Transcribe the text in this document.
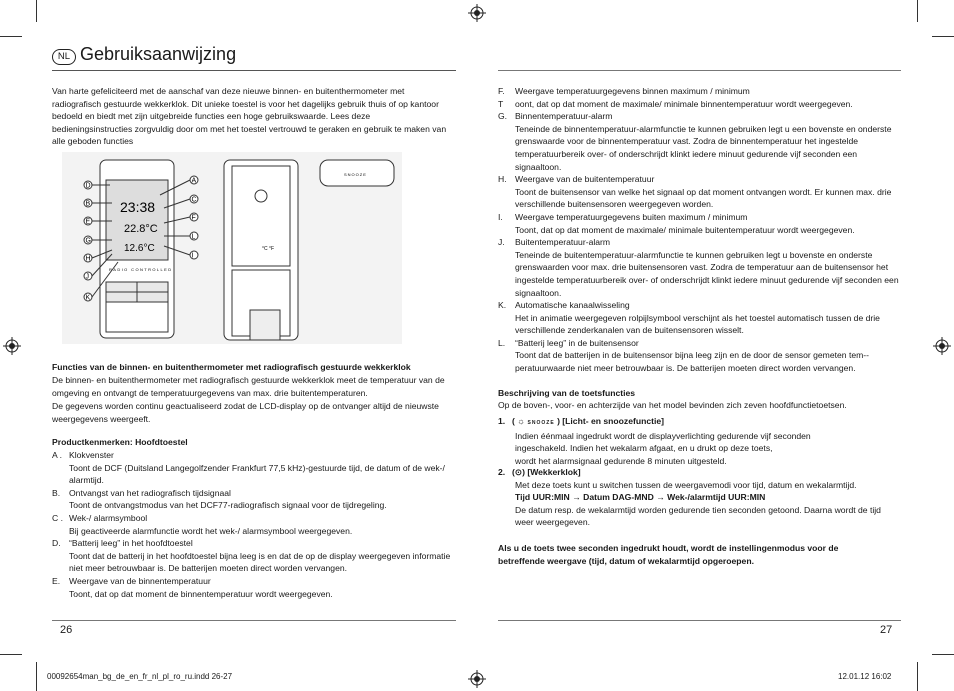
NL Gebruiksaanwijzing
Van harte gefeliciteerd met de aanschaf van deze nieuwe binnen- en buitenthermometer met radiografisch gestuurde wekkerklok. Dit unieke toestel is voor het dagelijks gebruik thuis of op kantoor bedoeld en biedt met zijn uitgebreide functies een hoge gebruikswaarde. Lees deze bedieningsinstructies zorgvuldig door om met het toestel vertrouwd te geraken en gebruik te maken van alle geboden functies
23:38
22.8°C
12.6°C
RADIO CONTROLLED
D
B
E
G
H
J
K
A
C
F
L
I
°C °F
SNOOZE
Functies van de binnen- en buitenthermometer met radiografisch gestuurde wekkerklok
De binnen- en buitenthermometer met radiografisch gestuurde wekkerklok meet de temperatuur van de omgeving en ontvangt de temperatuurgegevens van max. drie buitentemperaturen.
De gegevens worden continu geactualiseerd zodat de LCD-display op de ontvanger altijd de nieuwste weergegevens weergeeft.
Productkenmerken: Hoofdtoestel
A . Klokvenster
Toont de DCF (Duitsland Langegolfzender Frankfurt 77,5 kHz)-gestuurde tijd, de datum of de wek-/ alarmtijd.
B. Ontvangst van het radiografisch tijdsignaal
Toont de ontvangstmodus van het DCF77-radiografisch signaal voor de tijdregeling.
C . Wek-/ alarmsymbool
Bij geactiveerde alarmfunctie wordt het wek-/ alarmsymbool weergegeven.
D. “Batterij leeg” in het hoofdtoestel
Toont dat de batterij in het hoofdtoestel bijna leeg is en dat de op de display weergegeven informatie niet meer betrouwbaar is. De batterijen moeten direct worden vervangen.
E. Weergave van de binnentemperatuur
Toont, dat op dat moment de binnentemperatuur wordt weergegeven.
26
F. Weergave temperatuurgegevens binnen maximum / minimum
T oont, dat op dat moment de maximale/ minimale binnentemperatuur wordt weergegeven.
G. Binnentemperatuur-alarm
Teneinde de binnentemperatuur-alarmfunctie te kunnen gebruiken legt u een bovenste en onderste grenswaarde voor de binnentemperatuur vast. Zodra de binnentemperatuur het ingestelde temperatuurbereik over- of onderschrijdt klinkt iedere minuut gedurende vijf seconden een signaaltoon.
H. Weergave van de buitentemperatuur
Toont de buitensensor van welke het signaal op dat moment ontvangen wordt. Er kunnen max. drie verschillende buitensensoren weergegeven worden.
I. Weergave temperatuurgegevens buiten maximum / minimum
Toont, dat op dat moment de maximale/ minimale buitentemperatuur wordt weergegeven.
J. Buitentemperatuur-alarm
Teneinde de buitentemperatuur-alarmfunctie te kunnen gebruiken legt u bovenste en onderste grenswaarden voor max. drie buitensensoren vast. Zodra de temperatuur aan de buitensensor het ingestelde temperatuurbereik over- of onderschrijdt klinkt iedere minuut gedurende vijf seconden een signaaltoon.
K. Automatische kanaalwisseling
Het in animatie weergegeven rolpijlsymbool verschijnt als het toestel automatisch tussen de drie verschillende zenderkanalen van de buitensensoren wisselt.
L. “Batterij leeg” in de buitensensor
Toont dat de batterijen in de buitensensor bijna leeg zijn en de door de sensor gemeten tem-peratuurwaarde niet meer betrouwbaar is. De batterijen moeten direct worden vervangen.
Beschrijving van de toetsfuncties
Op de boven-, voor- en achterzijde van het model bevinden zich zeven hoofdfunctietoetsen.
1. ( ☼ SNOOZE ) [Licht- en snoozefunctie]
Indien éénmaal ingedrukt wordt de displayverlichting gedurende vijf seconden
ingeschakeld. Indien het wekalarm afgaat, en u drukt op deze toets,
wordt het alarmsignaal gedurende 8 minuten uitgesteld.
2. (⊙) [Wekkerklok]
Met deze toets kunt u switchen tussen de weergavemodi voor tijd, datum en wekalarmtijd.
Tijd UUR:MIN → Datum DAG-MND → Wek-/alarmtijd UUR:MIN
De datum resp. de wekalarmtijd worden gedurende tien seconden getoond. Daarna wordt de tijd weer weergegeven.
Als u de toets twee seconden ingedrukt houdt, wordt de instellingenmodus voor de betreffende weergave (tijd, datum of wekalarmtijd opgeroepen.
27
00092654man_bg_de_en_fr_nl_pl_ro_ru.indd 26-27	12.01.12 16:02
